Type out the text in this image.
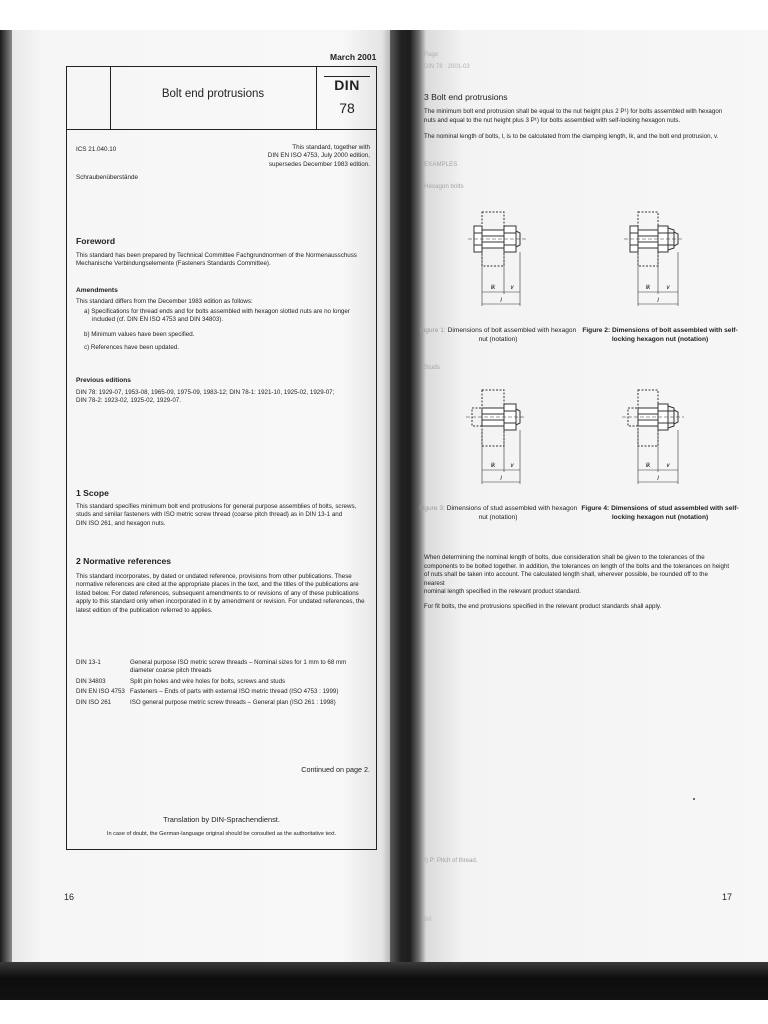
March 2001
Bolt end protrusions
DIN
78
ICS 21.040.10
Schraubenüberstände
This standard, together with
DIN EN ISO 4753, July 2000 edition,
supersedes December 1983 edition.
Foreword
This standard has been prepared by Technical Committee Fachgrundnormen of the Normenausschuss
Mechanische Verbindungselemente (Fasteners Standards Committee).
Amendments
This standard differs from the December 1983 edition as follows:
a) Specifications for thread ends and for bolts assembled with hexagon slotted nuts are no longer
included (cf. DIN EN ISO 4753 and DIN 34803).
b) Minimum values have been specified.
c) References have been updated.
Previous editions
DIN 78: 1929-07, 1953-08, 1965-09, 1975-09, 1983-12; DIN 78-1: 1921-10, 1925-02, 1929-07;
DIN 78-2: 1923-02, 1925-02, 1929-07.
1 Scope
This standard specifies minimum bolt end protrusions for general purpose assemblies of bolts, screws,
studs and similar fasteners with ISO metric screw thread (coarse pitch thread) as in DIN 13-1 and
DIN ISO 261, and hexagon nuts.
2 Normative references
This standard incorporates, by dated or undated reference, provisions from other publications. These
normative references are cited at the appropriate places in the text, and the titles of the publications are
listed below. For dated references, subsequent amendments to or revisions of any of these publications
apply to this standard only when incorporated in it by amendment or revision. For undated references, the
latest edition of the publication referred to applies.
DIN 13-1	General purpose ISO metric screw threads – Nominal sizes for 1 mm to 68 mm diameter coarse pitch threads
DIN 34803	Split pin holes and wire holes for bolts, screws and studs
DIN EN ISO 4753	Fasteners – Ends of parts with external ISO metric thread (ISO 4753 : 1999)
DIN ISO 261	ISO general purpose metric screw threads – General plan (ISO 261 : 1998)
Continued on page 2.
Translation by DIN-Sprachendienst.
In case of doubt, the German-language original should be consulted as the authoritative text.
16
Page
DIN 78 : 2001-03
3 Bolt end protrusions
The minimum bolt end protrusion shall be equal to the nut height plus 2 P¹) for bolts assembled with hexagon
nuts and equal to the nut height plus 3 P¹) for bolts assembled with self-locking hexagon nuts.
The nominal length of bolts, l, is to be calculated from the clamping length, lk, and the bolt end protrusion, v.
EXAMPLES
Hexagon bolts
lk	v
l
lk	v
l
Figure 1: Dimensions of bolt assembled with hexagon nut (notation)
Figure 2: Dimensions of bolt assembled with self-locking hexagon nut (notation)
Studs
lk	v
l
lk	v
l
Figure 3: Dimensions of stud assembled with hexagon nut (notation)
Figure 4: Dimensions of stud assembled with self-locking hexagon nut (notation)
When determining the nominal length of bolts, due consideration shall be given to the tolerances of the
components to be bolted together. In addition, the tolerances on length of the bolts and the tolerances on height
of nuts shall be taken into account. The calculated length shall, wherever possible, be rounded off to the nearest
nominal length specified in the relevant product standard.
For fit bolts, the end protrusions specified in the relevant product standards shall apply.
¹) P: Pitch of thread.
17
B/I
